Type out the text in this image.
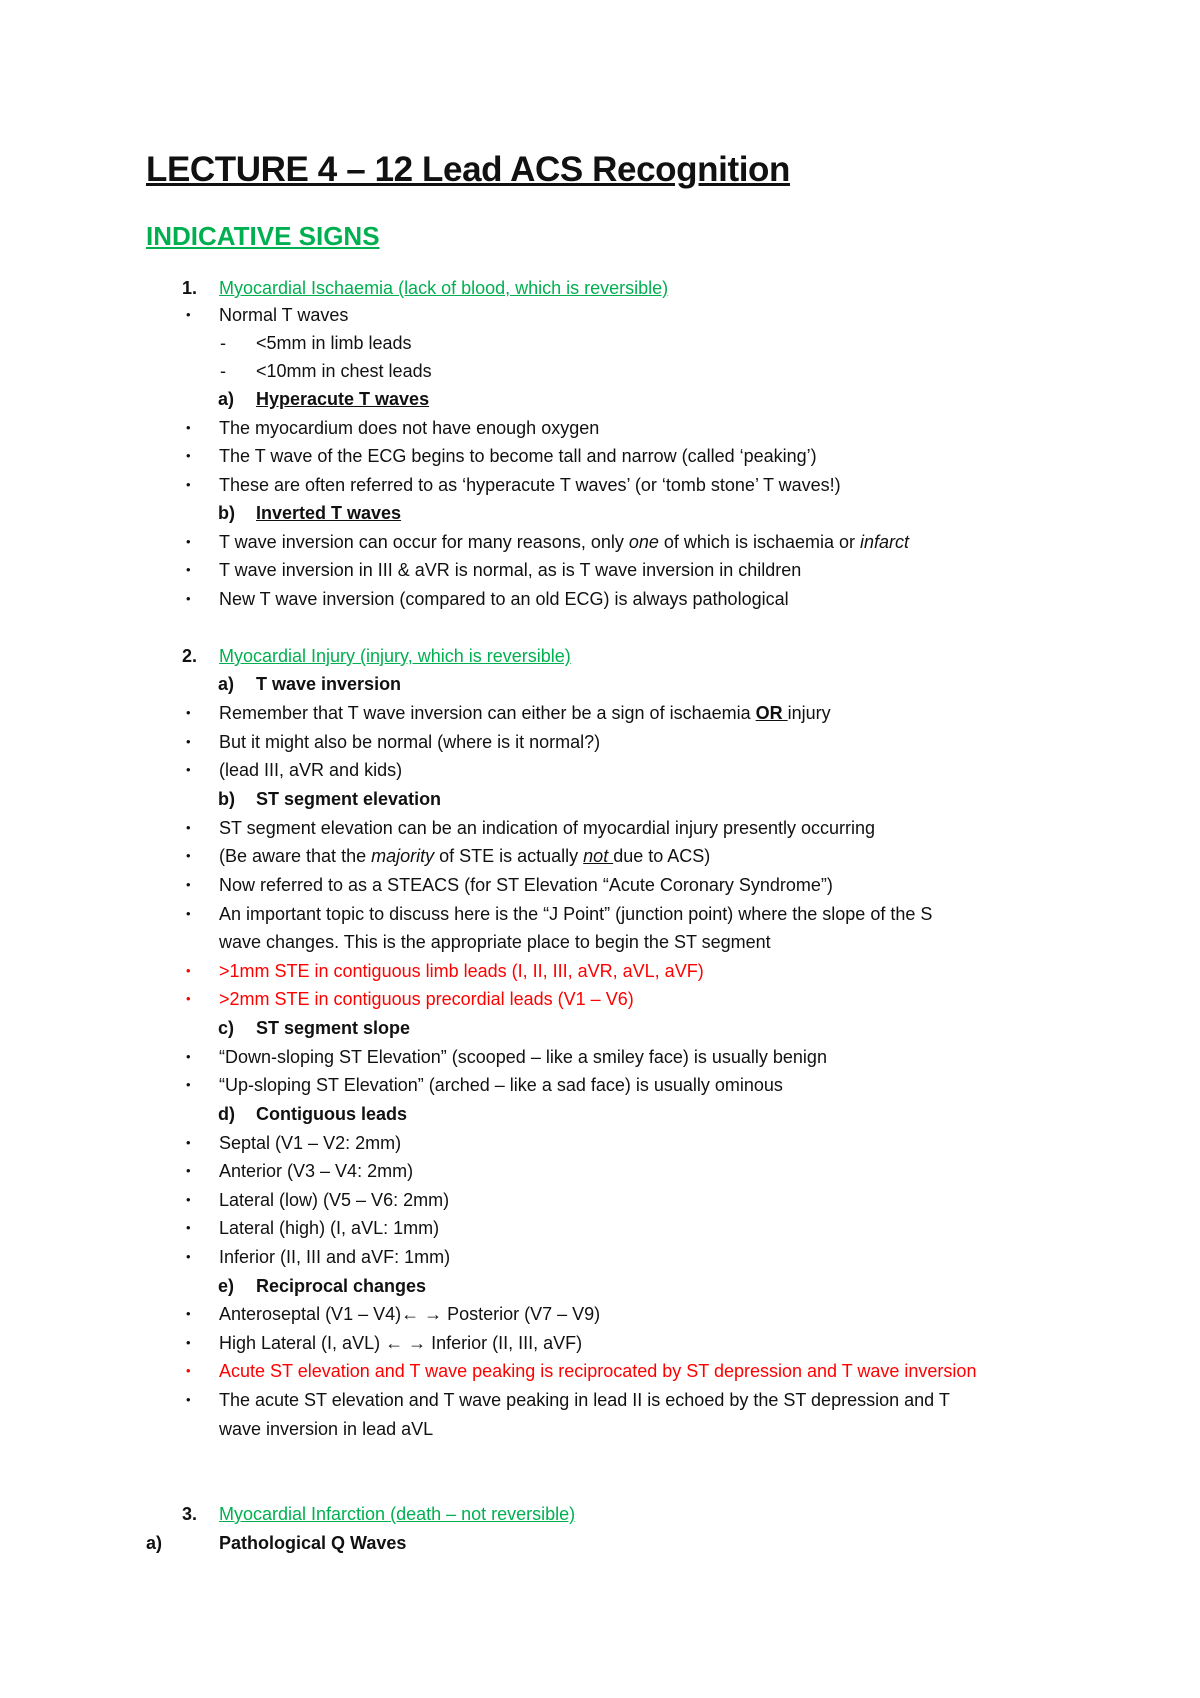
LECTURE 4 – 12 Lead ACS Recognition
INDICATIVE SIGNS
1. Myocardial Ischaemia (lack of blood, which is reversible)
• Normal T waves
- <5mm in limb leads
- <10mm in chest leads
a) Hyperacute T waves
• The myocardium does not have enough oxygen
• The T wave of the ECG begins to become tall and narrow (called ‘peaking’)
• These are often referred to as ‘hyperacute T waves’ (or ‘tomb stone’ T waves!)
b) Inverted T waves
• T wave inversion can occur for many reasons, only one of which is ischaemia or infarct
• T wave inversion in III & aVR is normal, as is T wave inversion in children
• New T wave inversion (compared to an old ECG) is always pathological
2. Myocardial Injury (injury, which is reversible)
a) T wave inversion
• Remember that T wave inversion can either be a sign of ischaemia OR injury
• But it might also be normal (where is it normal?)
• (lead III, aVR and kids)
b) ST segment elevation
• ST segment elevation can be an indication of myocardial injury presently occurring
• (Be aware that the majority of STE is actually not due to ACS)
• Now referred to as a STEACS (for ST Elevation “Acute Coronary Syndrome”)
• An important topic to discuss here is the “J Point” (junction point) where the slope of the S
wave changes. This is the appropriate place to begin the ST segment
• >1mm STE in contiguous limb leads (I, II, III, aVR, aVL, aVF)
• >2mm STE in contiguous precordial leads (V1 – V6)
c) ST segment slope
• “Down-sloping ST Elevation” (scooped – like a smiley face) is usually benign
• “Up-sloping ST Elevation” (arched – like a sad face) is usually ominous
d) Contiguous leads
• Septal (V1 – V2: 2mm)
• Anterior (V3 – V4: 2mm)
• Lateral (low) (V5 – V6: 2mm)
• Lateral (high) (I, aVL: 1mm)
• Inferior (II, III and aVF: 1mm)
e) Reciprocal changes
• Anteroseptal (V1 – V4)← → Posterior (V7 – V9)
• High Lateral (I, aVL) ← → Inferior (II, III, aVF)
• Acute ST elevation and T wave peaking is reciprocated by ST depression and T wave inversion
• The acute ST elevation and T wave peaking in lead II is echoed by the ST depression and T
wave inversion in lead aVL
3. Myocardial Infarction (death – not reversible)
a)	Pathological Q Waves
